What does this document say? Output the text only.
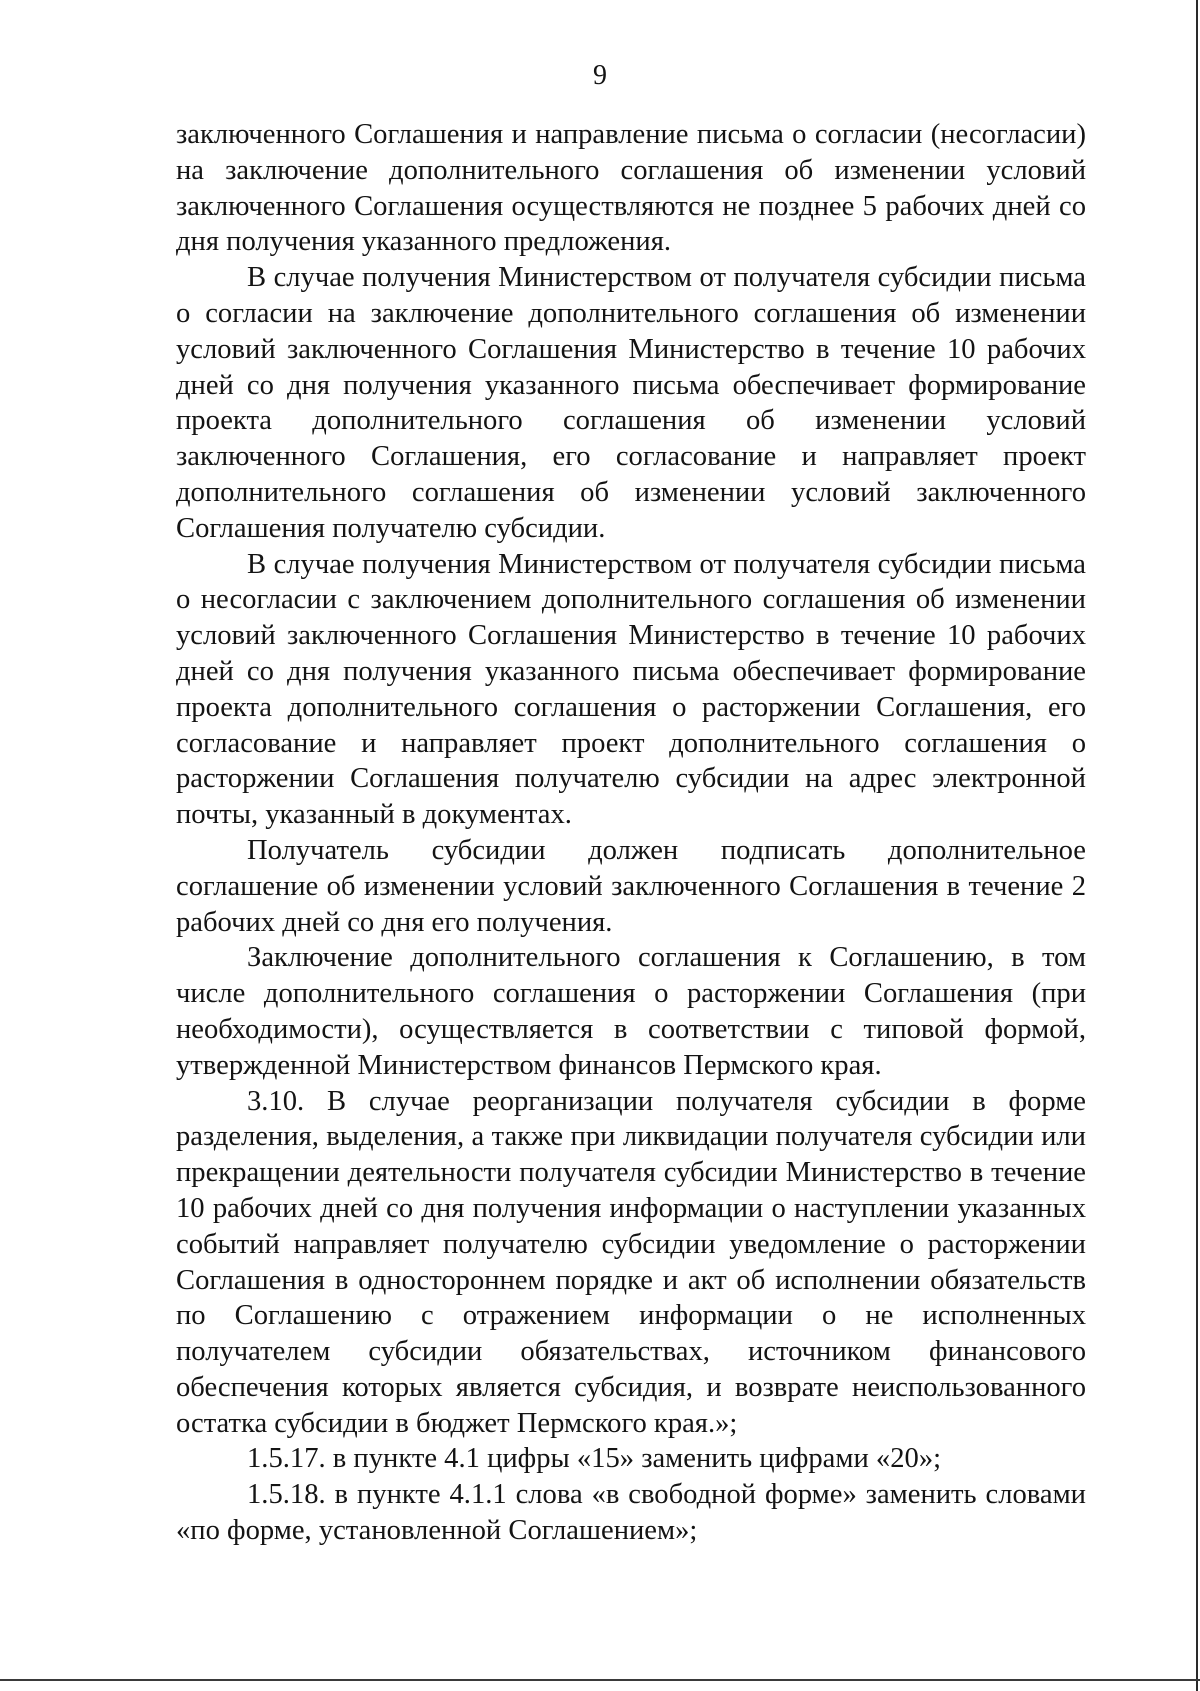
9

заключенного Соглашения и направление письма о согласии (несогласии) на заключение дополнительного соглашения об изменении условий заключенного Соглашения осуществляются не позднее 5 рабочих дней со дня получения указанного предложения.

В случае получения Министерством от получателя субсидии письма о согласии на заключение дополнительного соглашения об изменении условий заключенного Соглашения Министерство в течение 10 рабочих дней со дня получения указанного письма обеспечивает формирование проекта дополнительного соглашения об изменении условий заключенного Соглашения, его согласование и направляет проект дополнительного соглашения об изменении условий заключенного Соглашения получателю субсидии.

В случае получения Министерством от получателя субсидии письма о несогласии с заключением дополнительного соглашения об изменении условий заключенного Соглашения Министерство в течение 10 рабочих дней со дня получения указанного письма обеспечивает формирование проекта дополнительного соглашения о расторжении Соглашения, его согласование и направляет проект дополнительного соглашения о расторжении Соглашения получателю субсидии на адрес электронной почты, указанный в документах.

Получатель субсидии должен подписать дополнительное соглашение об изменении условий заключенного Соглашения в течение 2 рабочих дней со дня его получения.

Заключение дополнительного соглашения к Соглашению, в том числе дополнительного соглашения о расторжении Соглашения (при необходимости), осуществляется в соответствии с типовой формой, утвержденной Министерством финансов Пермского края.

3.10. В случае реорганизации получателя субсидии в форме разделения, выделения, а также при ликвидации получателя субсидии или прекращении деятельности получателя субсидии Министерство в течение 10 рабочих дней со дня получения информации о наступлении указанных событий направляет получателю субсидии уведомление о расторжении Соглашения в одностороннем порядке и акт об исполнении обязательств по Соглашению с отражением информации о не исполненных получателем субсидии обязательствах, источником финансового обеспечения которых является субсидия, и возврате неиспользованного остатка субсидии в бюджет Пермского края.»;

1.5.17. в пункте 4.1 цифры «15» заменить цифрами «20»;

1.5.18. в пункте 4.1.1 слова «в свободной форме» заменить словами «по форме, установленной Соглашением»;
